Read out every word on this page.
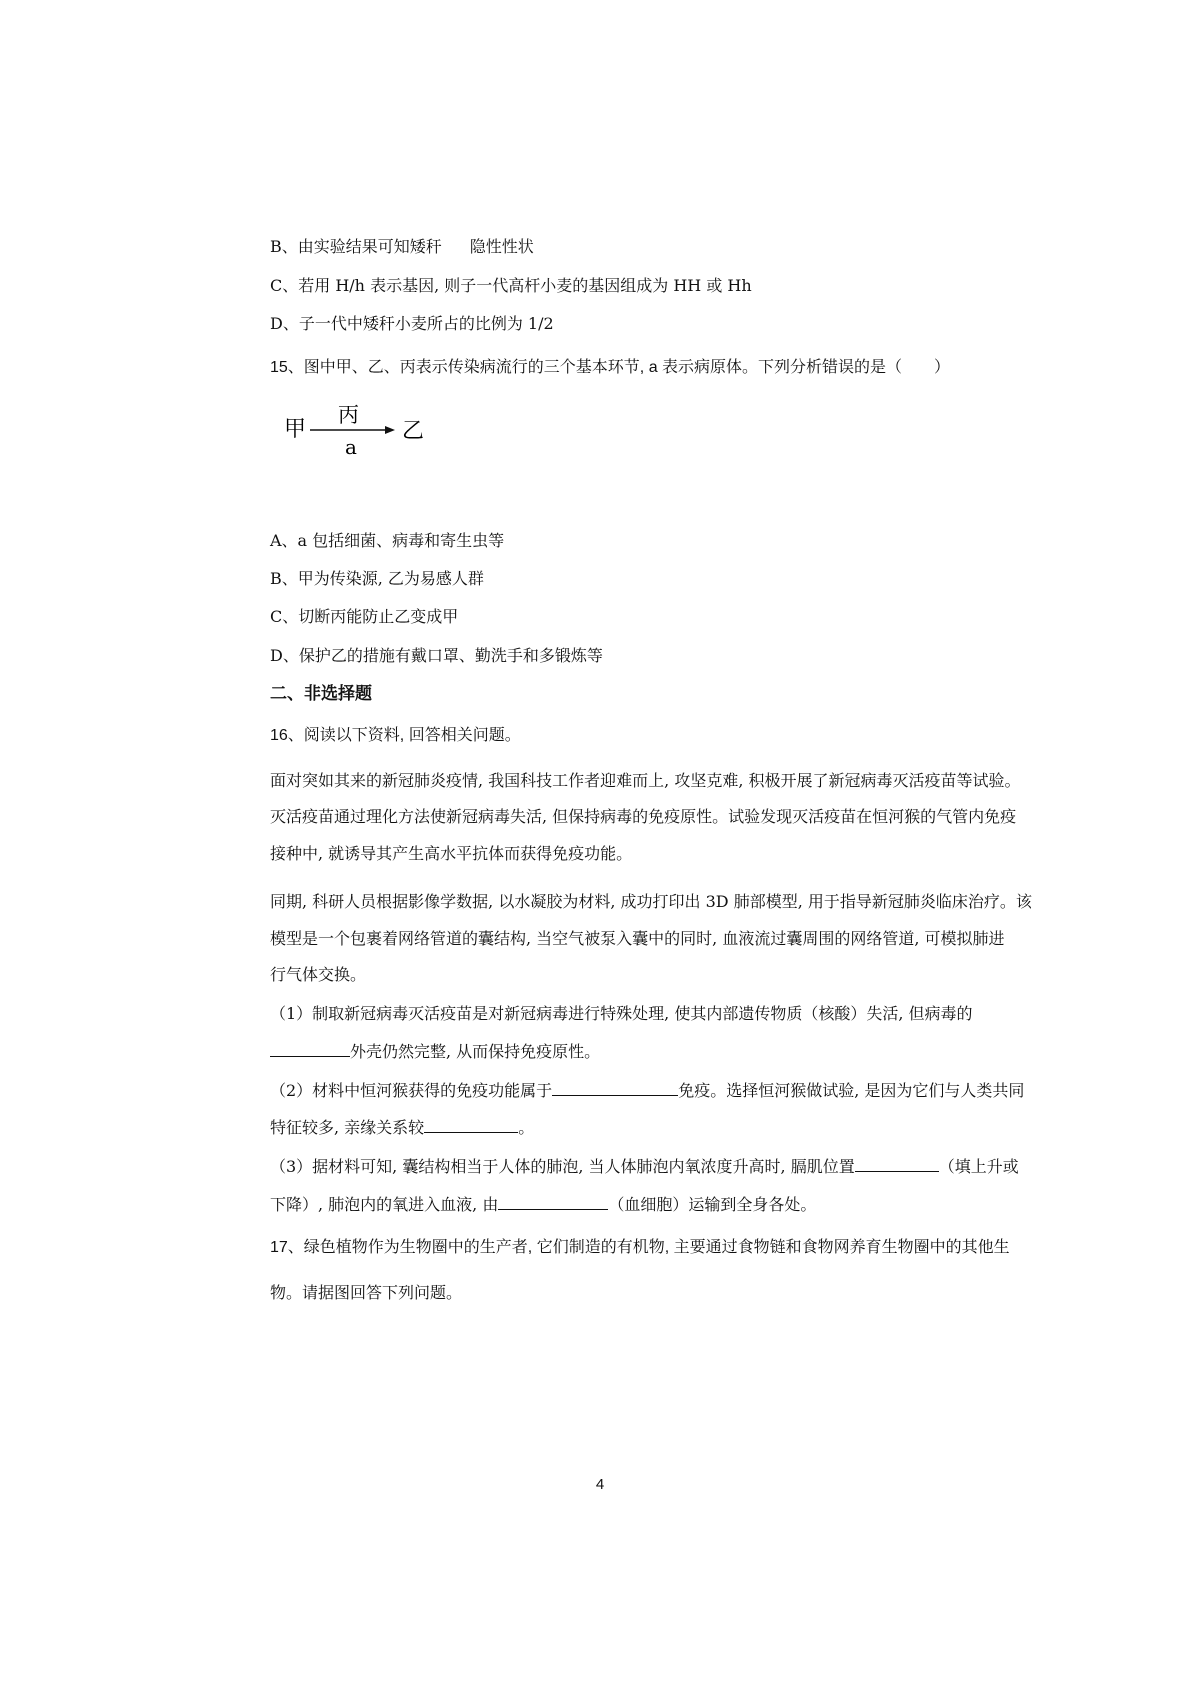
B、由实验结果可知矮秆 隐性性状
C、若用 H/h 表示基因, 则子一代高杆小麦的基因组成为 HH 或 Hh
D、子一代中矮秆小麦所占的比例为 1/2
15、图中甲、乙、丙表示传染病流行的三个基本环节, a 表示病原体。下列分析错误的是（　　）
甲
丙
a
乙
A、a 包括细菌、病毒和寄生虫等
B、甲为传染源, 乙为易感人群
C、切断丙能防止乙变成甲
D、保护乙的措施有戴口罩、勤洗手和多锻炼等
二、非选择题
16、阅读以下资料, 回答相关问题。
面对突如其来的新冠肺炎疫情, 我国科技工作者迎难而上, 攻坚克难, 积极开展了新冠病毒灭活疫苗等试验。
灭活疫苗通过理化方法使新冠病毒失活, 但保持病毒的免疫原性。试验发现灭活疫苗在恒河猴的气管内免疫
接种中, 就诱导其产生高水平抗体而获得免疫功能。
同期, 科研人员根据影像学数据, 以水凝胶为材料, 成功打印出 3D 肺部模型, 用于指导新冠肺炎临床治疗。该
模型是一个包裹着网络管道的囊结构, 当空气被泵入囊中的同时, 血液流过囊周围的网络管道, 可模拟肺进
行气体交换。
（1）制取新冠病毒灭活疫苗是对新冠病毒进行特殊处理, 使其内部遗传物质（核酸）失活, 但病毒的
外壳仍然完整, 从而保持免疫原性。
（2）材料中恒河猴获得的免疫功能属于	免疫。选择恒河猴做试验, 是因为它们与人类共同
特征较多, 亲缘关系较	。
（3）据材料可知, 囊结构相当于人体的肺泡, 当人体肺泡内氧浓度升高时, 膈肌位置	（填上升或
下降）, 肺泡内的氧进入血液, 由	（血细胞）运输到全身各处。
17、绿色植物作为生物圈中的生产者, 它们制造的有机物, 主要通过食物链和食物网养育生物圈中的其他生
物。请据图回答下列问题。
4
